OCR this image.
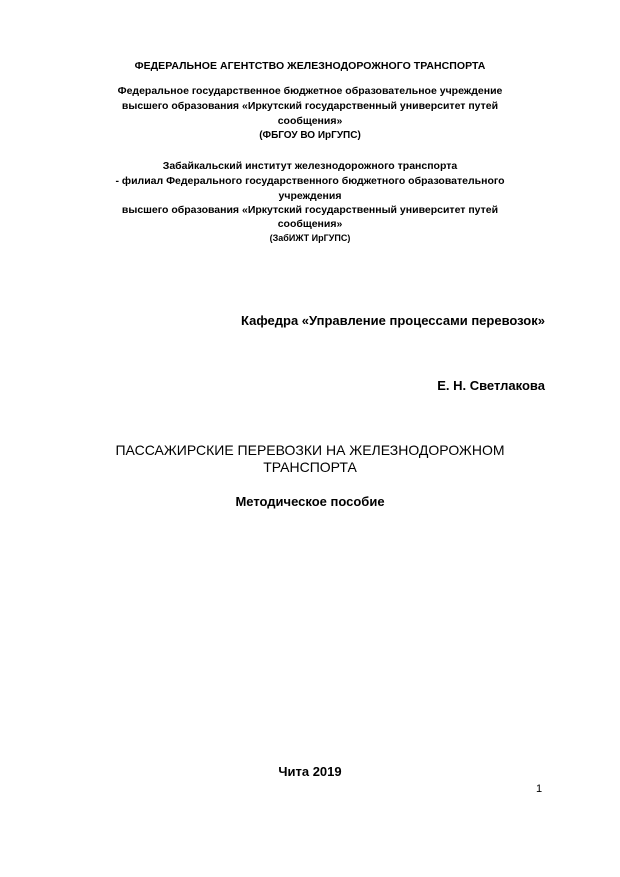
ФЕДЕРАЛЬНОЕ АГЕНТСТВО ЖЕЛЕЗНОДОРОЖНОГО ТРАНСПОРТА
Федеральное государственное бюджетное образовательное учреждение
высшего образования «Иркутский государственный университет путей
сообщения»
(ФБГОУ ВО ИрГУПС)
Забайкальский институт железнодорожного транспорта
- филиал Федерального государственного бюджетного образовательного
учреждения
высшего образования «Иркутский государственный университет путей
сообщения»
(ЗабИЖТ ИрГУПС)
Кафедра «Управление процессами перевозок»
Е. Н. Светлакова
ПАССАЖИРСКИЕ ПЕРЕВОЗКИ НА ЖЕЛЕЗНОДОРОЖНОМ
ТРАНСПОРТА
Методическое пособие
Чита 2019
1
